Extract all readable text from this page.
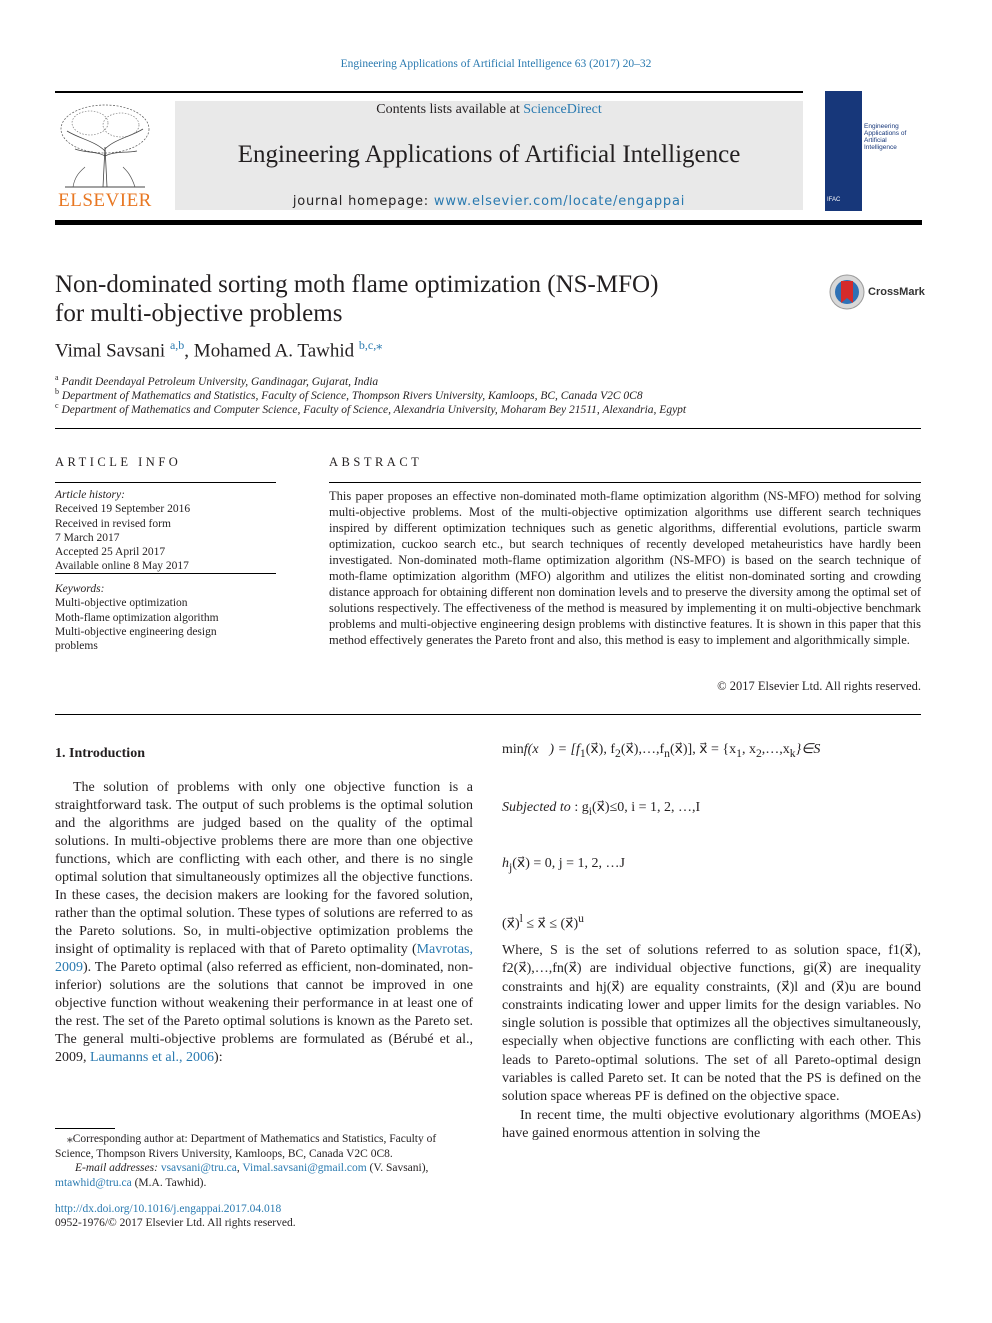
Engineering Applications of Artificial Intelligence 63 (2017) 20–32
ELSEVIER
Contents lists available at ScienceDirect
Engineering Applications of Artificial Intelligence
journal homepage: www.elsevier.com/locate/engappai
Engineering Applications of Artificial Intelligence
IFAC
Non-dominated sorting moth flame optimization (NS-MFO)
for multi-objective problems
CrossMark
Vimal Savsani $^{a,b}$, Mohamed A. Tawhid $^{b,c,⁎}$
$^a$ Pandit Deendayal Petroleum University, Gandinagar, Gujarat, India
$^b$ Department of Mathematics and Statistics, Faculty of Science, Thompson Rivers University, Kamloops, BC, Canada V2C 0C8
$^c$ Department of Mathematics and Computer Science, Faculty of Science, Alexandria University, Moharam Bey 21511, Alexandria, Egypt
ARTICLE INFO
Article history:
Received 19 September 2016
Received in revised form
7 March 2017
Accepted 25 April 2017
Available online 8 May 2017
Keywords:
Multi-objective optimization
Moth-flame optimization algorithm
Multi-objective engineering design
problems
ABSTRACT
This paper proposes an effective non-dominated moth-flame optimization algorithm (NS-MFO) method for solving multi-objective problems. Most of the multi-objective optimization algorithms use different search techniques inspired by different optimization techniques such as genetic algorithms, differential evolutions, particle swarm optimization, cuckoo search etc., but search techniques of recently developed metaheuristics have hardly been investigated. Non-dominated moth-flame optimization algorithm (NS-MFO) is based on the search technique of moth-flame optimization algorithm (MFO) algorithm and utilizes the elitist non-dominated sorting and crowding distance approach for obtaining different non domination levels and to preserve the diversity among the optimal set of solutions respectively. The effectiveness of the method is measured by implementing it on multi-objective benchmark problems and multi-objective engineering design problems with distinctive features. It is shown in this paper that this method effectively generates the Pareto front and also, this method is easy to implement and algorithmically simple.
© 2017 Elsevier Ltd. All rights reserved.
1. Introduction

The solution of problems with only one objective function is a straightforward task. The output of such problems is the optimal solution and the algorithms are judged based on the quality of the optimal solutions. In multi-objective problems there are more than one objective functions, which are conflicting with each other, and there is no single optimal solution that simultaneously optimizes all the objective functions. In these cases, the decision makers are looking for the favored solution, rather than the optimal solution. These types of solutions are referred to as the Pareto solutions. So, in multi-objective optimization problems the insight of optimality is replaced with that of Pareto optimality (Mavrotas, 2009). The Pareto optimal (also referred as efficient, non-dominated, non-inferior) solutions are the solutions that cannot be improved in one objective function without weakening their performance in at least one of the rest. The set of the Pareto optimal solutions is known as the Pareto set. The general multi-objective problems are formulated as (Bérubé et al., 2009, Laumanns et al., 2006):

⁎Corresponding author at: Department of Mathematics and Statistics, Faculty of Science, Thompson Rivers University, Kamloops, BC, Canada V2C 0C8.
E-mail addresses: vsavsani@tru.ca, Vimal.savsani@gmail.com (V. Savsani),
mtawhid@tru.ca (M.A. Tawhid).
http://dx.doi.org/10.1016/j.engappai.2017.04.018
0952-1976/© 2017 Elsevier Ltd. All rights reserved.
minf(x⃗) = [$f_1(x⃗)$, $f_2(x⃗),\dots,f_n(x⃗)$], x⃗ = {$x_1$, $x_2,\dots,x_k\}\in S$
Subjected to : $g_i(x⃗)\le 0$, i = 1, 2, …,I
$h_j(x⃗) = 0$, j = 1, 2, …J
(x⃗)$^l$ ≤ x⃗ ≤ (x⃗)$^u$

Where, S is the set of solutions referred to as solution space, f1(x⃗), f2(x⃗),…,fn(x⃗) are individual objective functions, gi(x⃗) are inequality constraints and hj(x⃗) are equality constraints, (x⃗)l and (x⃗)u are bound constraints indicating lower and upper limits for the design variables. No single solution is possible that optimizes all the objectives simultaneously, especially when objective functions are conflicting with each other. This leads to Pareto-optimal solutions. The set of all Pareto-optimal design variables is called Pareto set. It can be noted that the PS is defined on the solution space whereas PF is defined on the objective space.

In recent time, the multi objective evolutionary algorithms (MOEAs) have gained enormous attention in solving the
